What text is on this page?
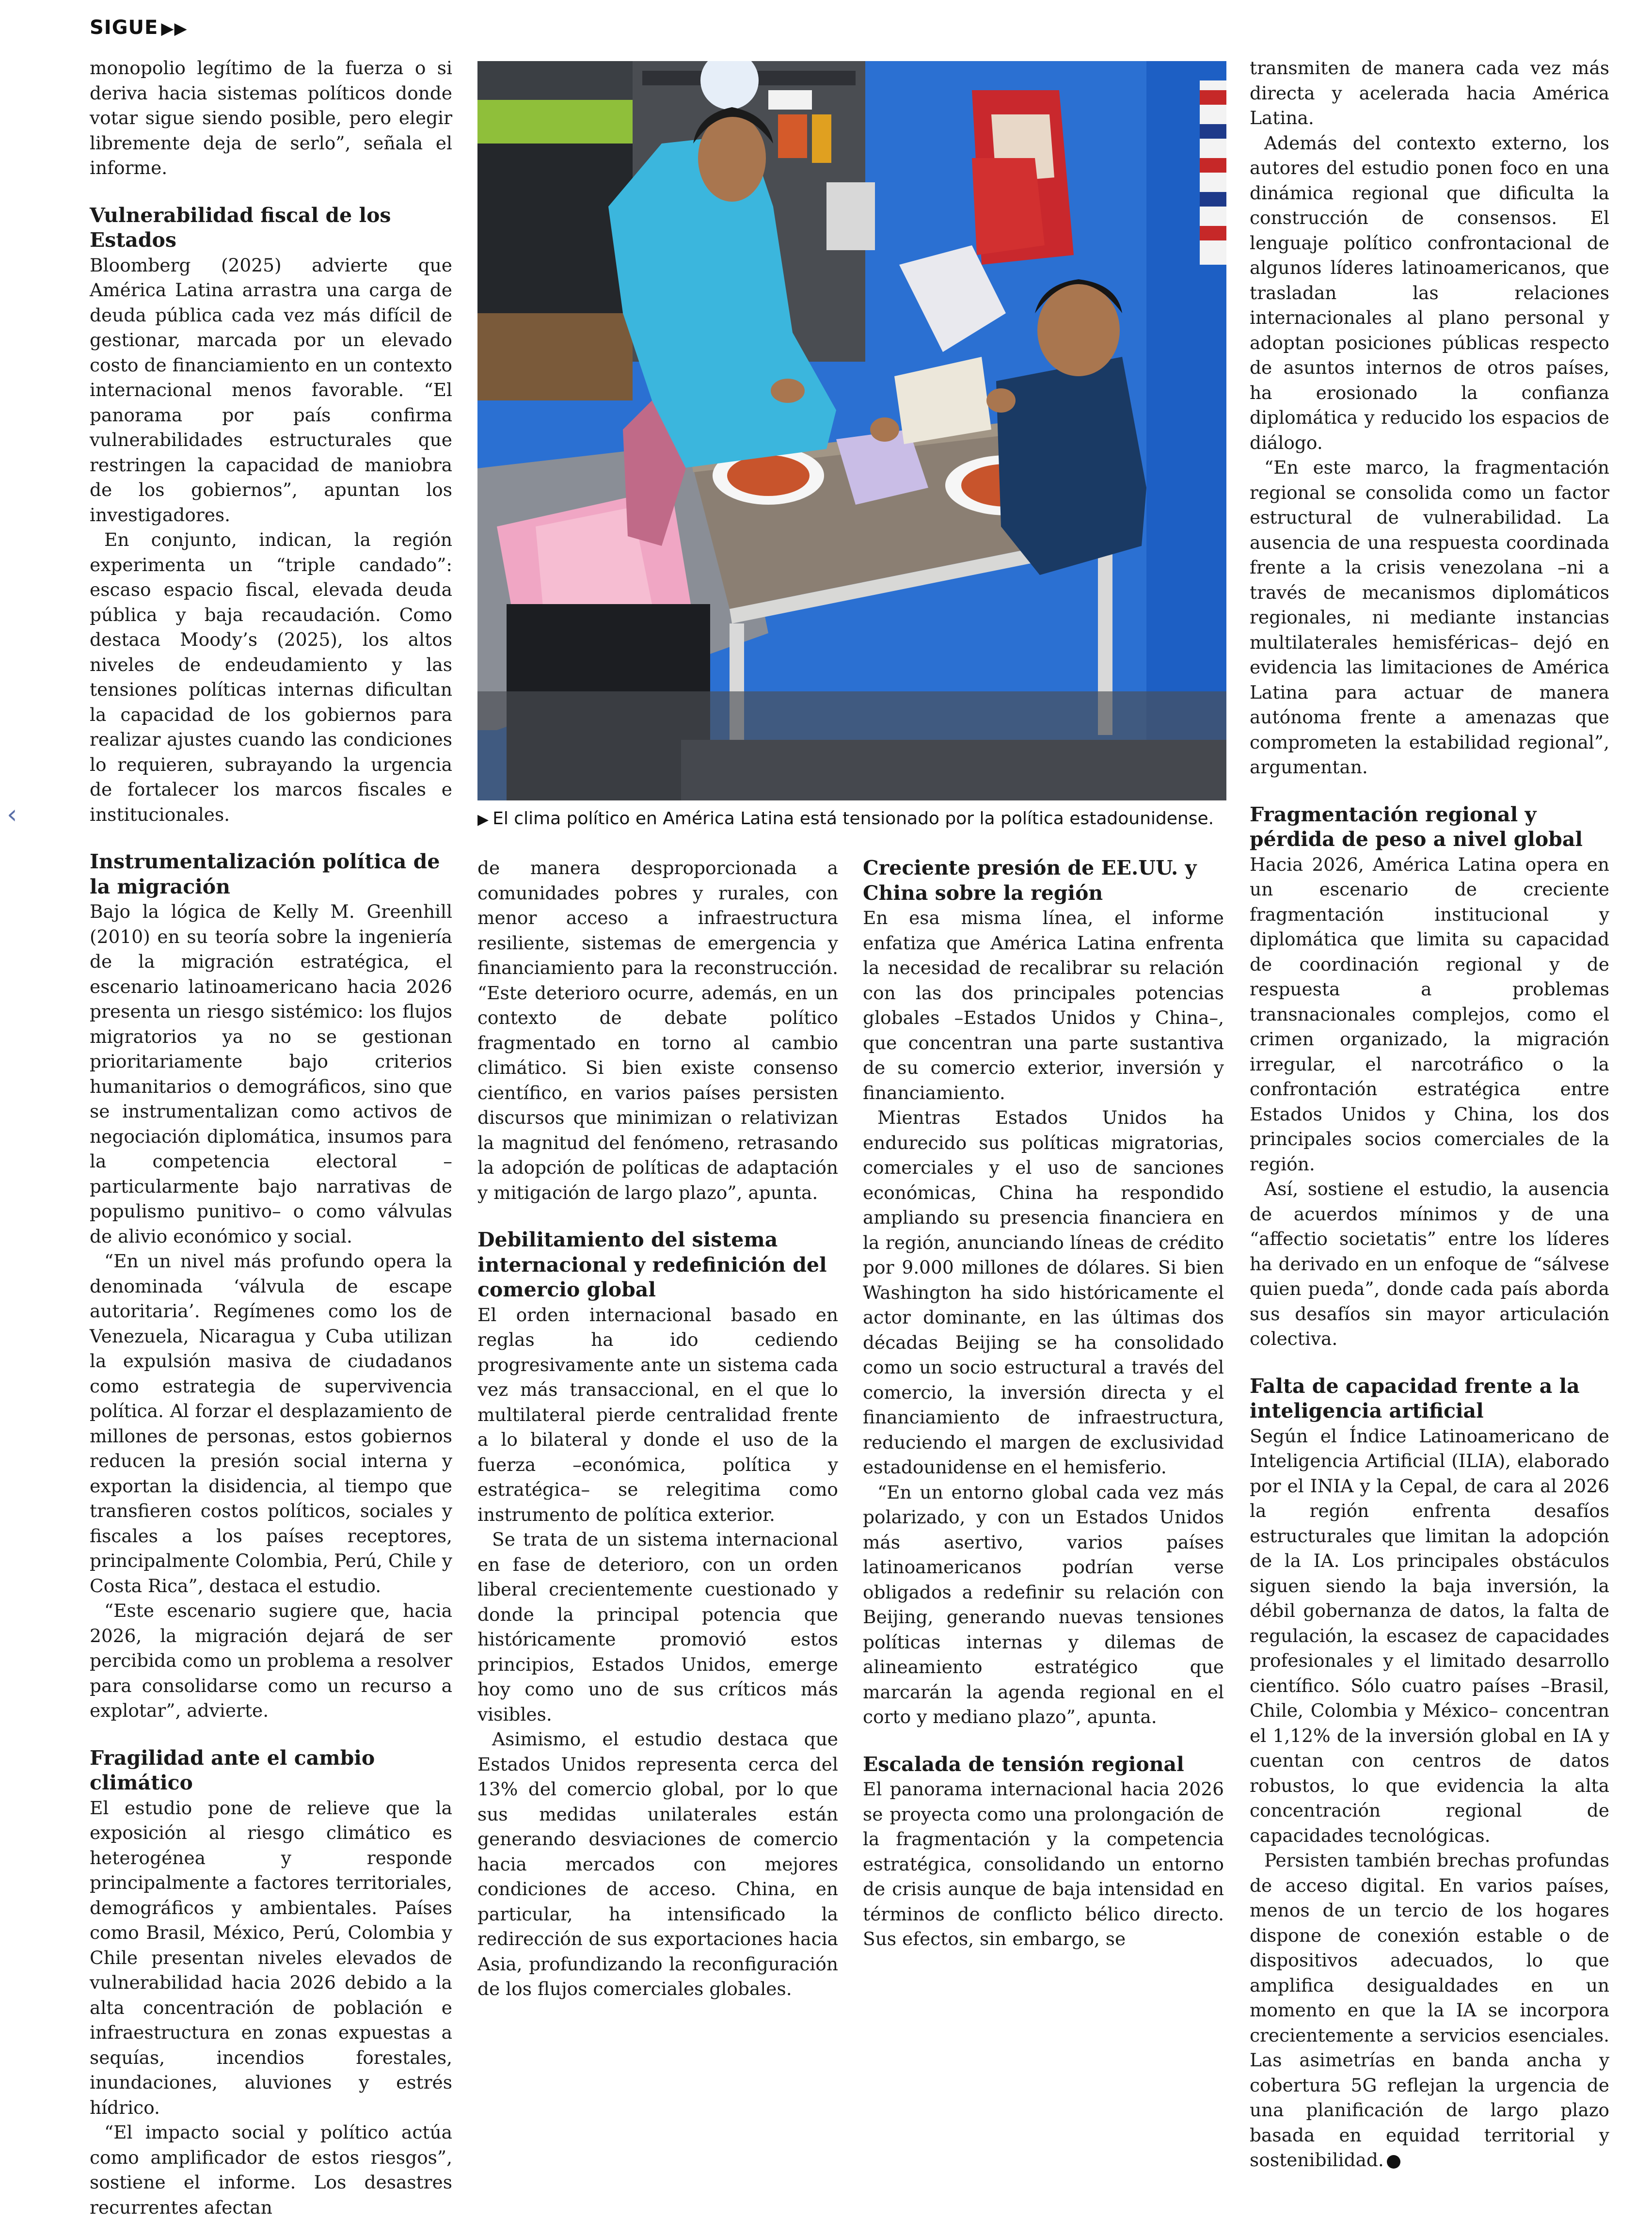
SIGUE ▶▶
‹

monopolio legítimo de la fuerza o si deriva hacia sistemas políticos donde votar sigue siendo posible, pero elegir libremente deja de serlo”, señala el informe.

Vulnerabilidad fiscal de los Estados

Bloomberg (2025) advierte que América Latina arrastra una carga de deuda pública cada vez más difícil de gestionar, marcada por un elevado costo de financiamiento en un contexto internacional menos favorable. “El panorama por país confirma vulnerabilidades estructurales que restringen la capacidad de maniobra de los gobiernos”, apuntan los investigadores.

En conjunto, indican, la región experimenta un “triple candado”: escaso espacio fiscal, elevada deuda pública y baja recaudación. Como destaca Moody’s (2025), los altos niveles de endeudamiento y las tensiones políticas internas dificultan la capacidad de los gobiernos para realizar ajustes cuando las condiciones lo requieren, subrayando la urgencia de fortalecer los marcos fiscales e institucionales.

Instrumentalización política de la migración

Bajo la lógica de Kelly M. Greenhill (2010) en su teoría sobre la ingeniería de la migración estratégica, el escenario latinoamericano hacia 2026 presenta un riesgo sistémico: los flujos migratorios ya no se gestionan prioritariamente bajo criterios humanitarios o demográficos, sino que se instrumentalizan como activos de negociación diplomática, insumos para la competencia electoral –particularmente bajo narrativas de populismo punitivo– o como válvulas de alivio económico y social.

“En un nivel más profundo opera la denominada ‘válvula de escape autoritaria’. Regímenes como los de Venezuela, Nicaragua y Cuba utilizan la expulsión masiva de ciudadanos como estrategia de supervivencia política. Al forzar el desplazamiento de millones de personas, estos gobiernos reducen la presión social interna y exportan la disidencia, al tiempo que transfieren costos políticos, sociales y fiscales a los países receptores, principalmente Colombia, Perú, Chile y Costa Rica”, destaca el estudio.

“Este escenario sugiere que, hacia 2026, la migración dejará de ser percibida como un problema a resolver para consolidarse como un recurso a explotar”, advierte.

Fragilidad ante el cambio climático

El estudio pone de relieve que la exposición al riesgo climático es heterogénea y responde principalmente a factores territoriales, demográficos y ambientales. Países como Brasil, México, Perú, Colombia y Chile presentan niveles elevados de vulnerabilidad hacia 2026 debido a la alta concentración de población e infraestructura en zonas expuestas a sequías, incendios forestales, inundaciones, aluviones y estrés hídrico.

“El impacto social y político actúa como amplificador de estos riesgos”, sostiene el informe. Los desastres recurrentes afectan

▶ El clima político en América Latina está tensionado por la política estadounidense.

de manera desproporcionada a comunidades pobres y rurales, con menor acceso a infraestructura resiliente, sistemas de emergencia y financiamiento para la reconstrucción. “Este deterioro ocurre, además, en un contexto de debate político fragmentado en torno al cambio climático. Si bien existe consenso científico, en varios países persisten discursos que minimizan o relativizan la magnitud del fenómeno, retrasando la adopción de políticas de adaptación y mitigación de largo plazo”, apunta.

Debilitamiento del sistema internacional y redefinición del comercio global

El orden internacional basado en reglas ha ido cediendo progresivamente ante un sistema cada vez más transaccional, en el que lo multilateral pierde centralidad frente a lo bilateral y donde el uso de la fuerza –económica, política y estratégica– se relegitima como instrumento de política exterior.

Se trata de un sistema internacional en fase de deterioro, con un orden liberal crecientemente cuestionado y donde la principal potencia que históricamente promovió estos principios, Estados Unidos, emerge hoy como uno de sus críticos más visibles.

Asimismo, el estudio destaca que Estados Unidos representa cerca del 13% del comercio global, por lo que sus medidas unilaterales están generando desviaciones de comercio hacia mercados con mejores condiciones de acceso. China, en particular, ha intensificado la redirección de sus exportaciones hacia Asia, profundizando la reconfiguración de los flujos comerciales globales.

Creciente presión de EE.UU. y China sobre la región

En esa misma línea, el informe enfatiza que América Latina enfrenta la necesidad de recalibrar su relación con las dos principales potencias globales –Estados Unidos y China–, que concentran una parte sustantiva de su comercio exterior, inversión y financiamiento.

Mientras Estados Unidos ha endurecido sus políticas migratorias, comerciales y el uso de sanciones económicas, China ha respondido ampliando su presencia financiera en la región, anunciando líneas de crédito por 9.000 millones de dólares. Si bien Washington ha sido históricamente el actor dominante, en las últimas dos décadas Beijing se ha consolidado como un socio estructural a través del comercio, la inversión directa y el financiamiento de infraestructura, reduciendo el margen de exclusividad estadounidense en el hemisferio.

“En un entorno global cada vez más polarizado, y con un Estados Unidos más asertivo, varios países latinoamericanos podrían verse obligados a redefinir su relación con Beijing, generando nuevas tensiones políticas internas y dilemas de alineamiento estratégico que marcarán la agenda regional en el corto y mediano plazo”, apunta.

Escalada de tensión regional

El panorama internacional hacia 2026 se proyecta como una prolongación de la fragmentación y la competencia estratégica, consolidando un entorno de crisis aunque de baja intensidad en términos de conflicto bélico directo. Sus efectos, sin embargo, se

transmiten de manera cada vez más directa y acelerada hacia América Latina.

Además del contexto externo, los autores del estudio ponen foco en una dinámica regional que dificulta la construcción de consensos. El lenguaje político confrontacional de algunos líderes latinoamericanos, que trasladan las relaciones internacionales al plano personal y adoptan posiciones públicas respecto de asuntos internos de otros países, ha erosionado la confianza diplomática y reducido los espacios de diálogo.

“En este marco, la fragmentación regional se consolida como un factor estructural de vulnerabilidad. La ausencia de una respuesta coordinada frente a la crisis venezolana –ni a través de mecanismos diplomáticos regionales, ni mediante instancias multilaterales hemisféricas– dejó en evidencia las limitaciones de América Latina para actuar de manera autónoma frente a amenazas que comprometen la estabilidad regional”, argumentan.

Fragmentación regional y pérdida de peso a nivel global

Hacia 2026, América Latina opera en un escenario de creciente fragmentación institucional y diplomática que limita su capacidad de coordinación regional y de respuesta a problemas transnacionales complejos, como el crimen organizado, la migración irregular, el narcotráfico o la confrontación estratégica entre Estados Unidos y China, los dos principales socios comerciales de la región.

Así, sostiene el estudio, la ausencia de acuerdos mínimos y de una “affectio societatis” entre los líderes ha derivado en un enfoque de “sálvese quien pueda”, donde cada país aborda sus desafíos sin mayor articulación colectiva.

Falta de capacidad frente a la inteligencia artificial

Según el Índice Latinoamericano de Inteligencia Artificial (ILIA), elaborado por el INIA y la Cepal, de cara al 2026 la región enfrenta desafíos estructurales que limitan la adopción de la IA. Los principales obstáculos siguen siendo la baja inversión, la débil gobernanza de datos, la falta de regulación, la escasez de capacidades profesionales y el limitado desarrollo científico. Sólo cuatro países –Brasil, Chile, Colombia y México– concentran el 1,12% de la inversión global en IA y cuentan con centros de datos robustos, lo que evidencia la alta concentración regional de capacidades tecnológicas.

Persisten también brechas profundas de acceso digital. En varios países, menos de un tercio de los hogares dispone de conexión estable o de dispositivos adecuados, lo que amplifica desigualdades en un momento en que la IA se incorpora crecientemente a servicios esenciales. Las asimetrías en banda ancha y cobertura 5G reflejan la urgencia de una planificación de largo plazo basada en equidad territorial y sostenibilidad.
